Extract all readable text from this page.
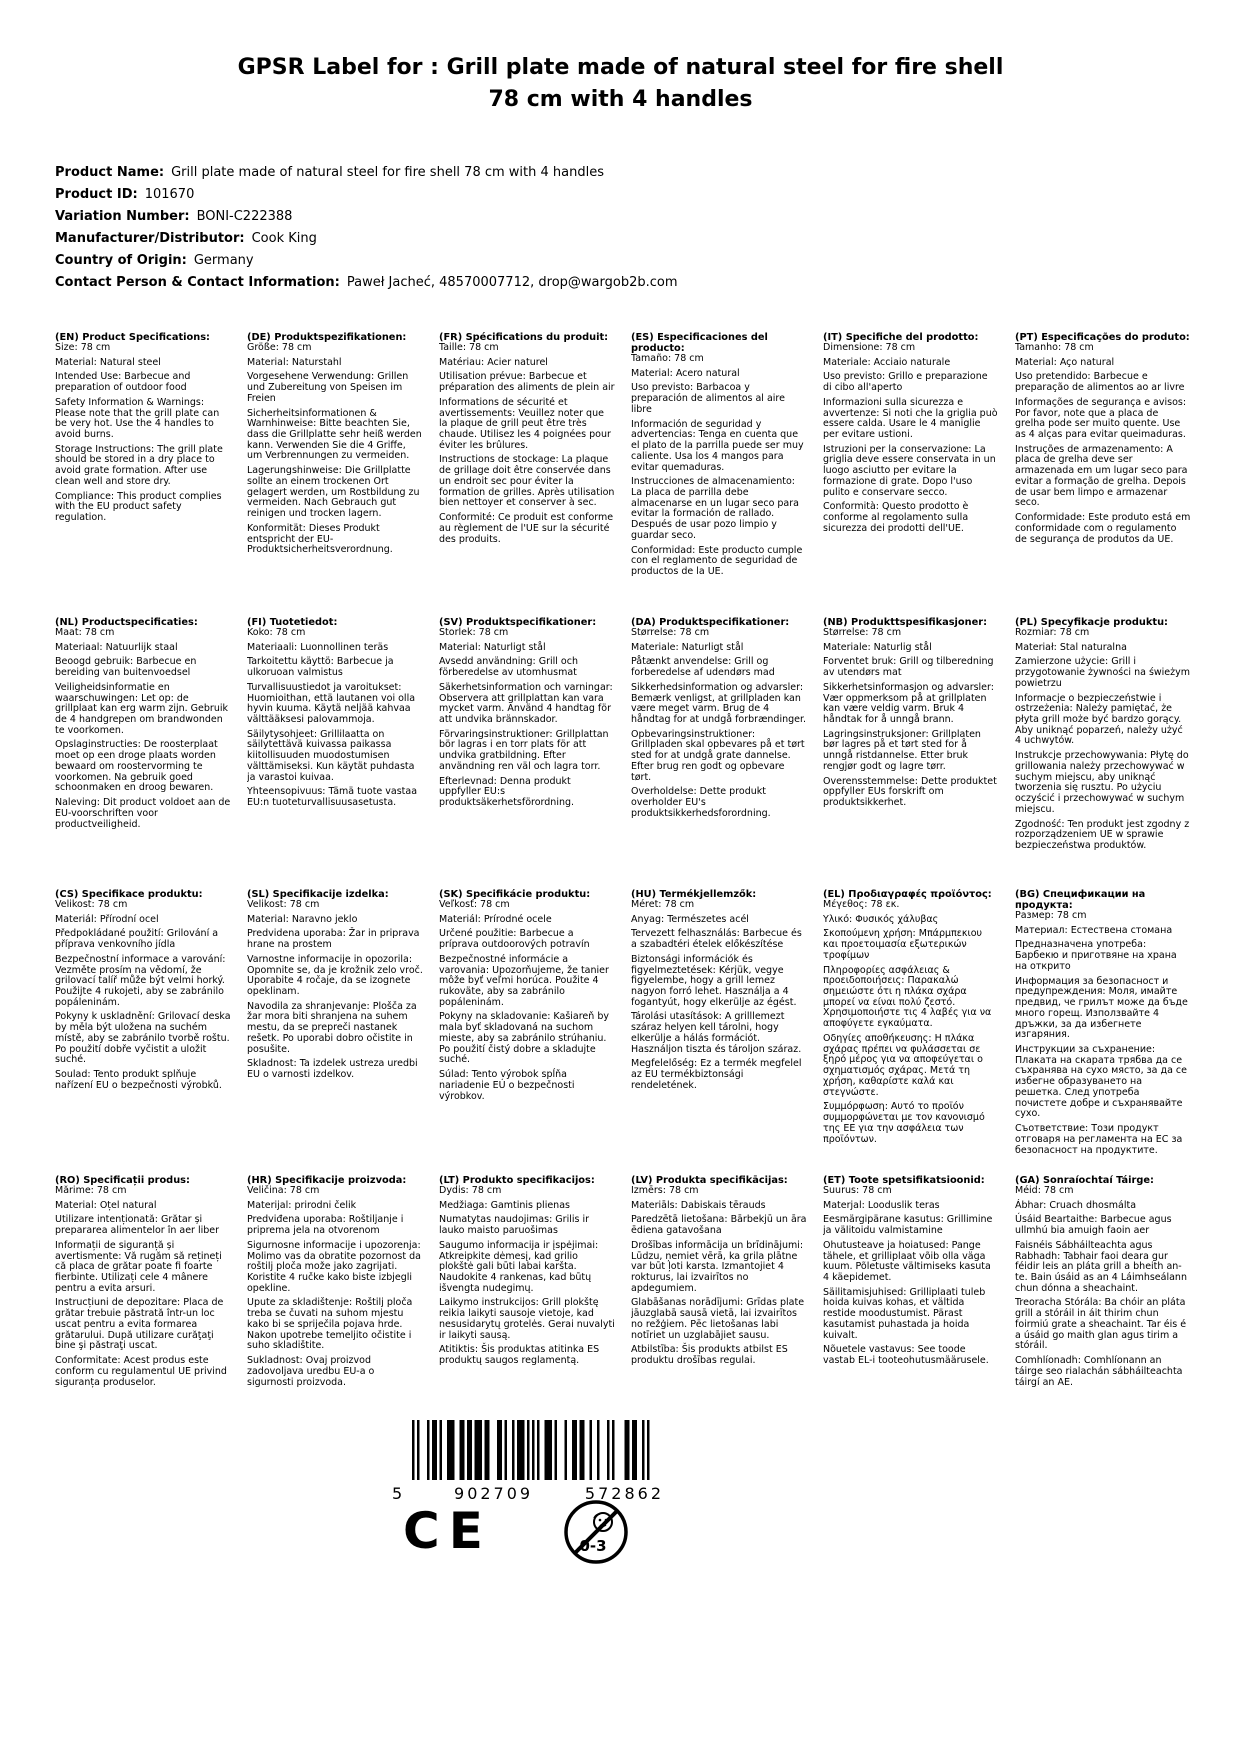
GPSR Label for : Grill plate made of natural steel for fire shell
78 cm with 4 handles
Product Name: Grill plate made of natural steel for fire shell 78 cm with 4 handles
Product ID: 101670
Variation Number: BONI-C222388
Manufacturer/Distributor: Cook King
Country of Origin: Germany
Contact Person & Contact Information: Paweł Jacheć, 48570007712, drop@wargob2b.com
(EN) Product Specifications:

Size: 78 cm

Material: Natural steel

Intended Use: Barbecue and preparation of outdoor food

Safety Information & Warnings: Please note that the grill plate can be very hot. Use the 4 handles to avoid burns.

Storage Instructions: The grill plate should be stored in a dry place to avoid grate formation. After use clean well and store dry.

Compliance: This product complies with the EU product safety regulation.

(DE) Produktspezifikationen:

Größe: 78 cm

Material: Naturstahl

Vorgesehene Verwendung: Grillen und Zubereitung von Speisen im Freien

Sicherheitsinformationen & Warnhinweise: Bitte beachten Sie, dass die Grillplatte sehr heiß werden kann. Verwenden Sie die 4 Griffe, um Verbrennungen zu vermeiden.

Lagerungshinweise: Die Grillplatte sollte an einem trockenen Ort gelagert werden, um Rostbildung zu vermeiden. Nach Gebrauch gut reinigen und trocken lagern.

Konformität: Dieses Produkt entspricht der EU-Produktsicherheitsverordnung.

(FR) Spécifications du produit:

Taille: 78 cm

Matériau: Acier naturel

Utilisation prévue: Barbecue et préparation des aliments de plein air

Informations de sécurité et avertissements: Veuillez noter que la plaque de grill peut être très chaude. Utilisez les 4 poignées pour éviter les brûlures.

Instructions de stockage: La plaque de grillage doit être conservée dans un endroit sec pour éviter la formation de grilles. Après utilisation bien nettoyer et conserver à sec.

Conformité: Ce produit est conforme au règlement de l'UE sur la sécurité des produits.

(ES) Especificaciones del producto:

Tamaño: 78 cm

Material: Acero natural

Uso previsto: Barbacoa y preparación de alimentos al aire libre

Información de seguridad y advertencias: Tenga en cuenta que el plato de la parrilla puede ser muy caliente. Usa los 4 mangos para evitar quemaduras.

Instrucciones de almacenamiento: La placa de parrilla debe almacenarse en un lugar seco para evitar la formación de rallado. Después de usar pozo limpio y guardar seco.

Conformidad: Este producto cumple con el reglamento de seguridad de productos de la UE.

(IT) Specifiche del prodotto:

Dimensione: 78 cm

Materiale: Acciaio naturale

Uso previsto: Grillo e preparazione di cibo all'aperto

Informazioni sulla sicurezza e avvertenze: Si noti che la griglia può essere calda. Usare le 4 maniglie per evitare ustioni.

Istruzioni per la conservazione: La griglia deve essere conservata in un luogo asciutto per evitare la formazione di grate. Dopo l'uso pulito e conservare secco.

Conformità: Questo prodotto è conforme al regolamento sulla sicurezza dei prodotti dell'UE.

(PT) Especificações do produto:

Tamanho: 78 cm

Material: Aço natural

Uso pretendido: Barbecue e preparação de alimentos ao ar livre

Informações de segurança e avisos: Por favor, note que a placa de grelha pode ser muito quente. Use as 4 alças para evitar queimaduras.

Instruções de armazenamento: A placa de grelha deve ser armazenada em um lugar seco para evitar a formação de grelha. Depois de usar bem limpo e armazenar seco.

Conformidade: Este produto está em conformidade com o regulamento de segurança de produtos da UE.

(NL) Productspecificaties:

Maat: 78 cm

Materiaal: Natuurlijk staal

Beoogd gebruik: Barbecue en bereiding van buitenvoedsel

Veiligheidsinformatie en waarschuwingen: Let op: de grillplaat kan erg warm zijn. Gebruik de 4 handgrepen om brandwonden te voorkomen.

Opslaginstructies: De roosterplaat moet op een droge plaats worden bewaard om roostervorming te voorkomen. Na gebruik goed schoonmaken en droog bewaren.

Naleving: Dit product voldoet aan de EU-voorschriften voor productveiligheid.

(FI) Tuotetiedot:

Koko: 78 cm

Materiaali: Luonnollinen teräs

Tarkoitettu käyttö: Barbecue ja ulkoruoan valmistus

Turvallisuustiedot ja varoitukset: Huomioithan, että lautanen voi olla hyvin kuuma. Käytä neljää kahvaa välttääksesi palovammoja.

Säilytysohjeet: Grillilaatta on säilytettävä kuivassa paikassa kiitollisuuden muodostumisen välttämiseksi. Kun käytät puhdasta ja varastoi kuivaa.

Yhteensopivuus: Tämä tuote vastaa EU:n tuoteturvallisuusasetusta.

(SV) Produktspecifikationer:

Storlek: 78 cm

Material: Naturligt stål

Avsedd användning: Grill och förberedelse av utomhusmat

Säkerhetsinformation och varningar: Observera att grillplattan kan vara mycket varm. Använd 4 handtag för att undvika brännskador.

Förvaringsinstruktioner: Grillplattan bör lagras i en torr plats för att undvika gratbildning. Efter användning ren väl och lagra torr.

Efterlevnad: Denna produkt uppfyller EU:s produktsäkerhetsförordning.

(DA) Produktspecifikationer:

Størrelse: 78 cm

Materiale: Naturligt stål

Påtænkt anvendelse: Grill og forberedelse af udendørs mad

Sikkerhedsinformation og advarsler: Bemærk venligst, at grillpladen kan være meget varm. Brug de 4 håndtag for at undgå forbrændinger.

Opbevaringsinstruktioner: Grillpladen skal opbevares på et tørt sted for at undgå grate dannelse. Efter brug ren godt og opbevare tørt.

Overholdelse: Dette produkt overholder EU's produktsikkerhedsforordning.

(NB) Produkttspesifikasjoner:

Størrelse: 78 cm

Materiale: Naturlig stål

Forventet bruk: Grill og tilberedning av utendørs mat

Sikkerhetsinformasjon og advarsler: Vær oppmerksom på at grillplaten kan være veldig varm. Bruk 4 håndtak for å unngå brann.

Lagringsinstruksjoner: Grillplaten bør lagres på et tørt sted for å unngå ristdannelse. Etter bruk rengjør godt og lagre tørr.

Overensstemmelse: Dette produktet oppfyller EUs forskrift om produktsikkerhet.

(PL) Specyfikacje produktu:

Rozmiar: 78 cm

Materiał: Stal naturalna

Zamierzone użycie: Grill i przygotowanie żywności na świeżym powietrzu

Informacje o bezpieczeństwie i ostrzeżenia: Należy pamiętać, że płyta grill może być bardzo gorący. Aby uniknąć poparzeń, należy użyć 4 uchwytów.

Instrukcje przechowywania: Płytę do grillowania należy przechowywać w suchym miejscu, aby uniknąć tworzenia się rusztu. Po użyciu oczyścić i przechowywać w suchym miejscu.

Zgodność: Ten produkt jest zgodny z rozporządzeniem UE w sprawie bezpieczeństwa produktów.

(CS) Specifikace produktu:

Velikost: 78 cm

Materiál: Přírodní ocel

Předpokládané použití: Grilování a příprava venkovního jídla

Bezpečnostní informace a varování: Vezměte prosím na vědomí, že grilovací talíř může být velmi horký. Použijte 4 rukojeti, aby se zabránilo popáleninám.

Pokyny k uskladnění: Grilovací deska by měla být uložena na suchém místě, aby se zabránilo tvorbě roštu. Po použití dobře vyčistit a uložit suché.

Soulad: Tento produkt splňuje nařízení EU o bezpečnosti výrobků.

(SL) Specifikacije izdelka:

Velikost: 78 cm

Material: Naravno jeklo

Predvidena uporaba: Žar in priprava hrane na prostem

Varnostne informacije in opozorila: Opomnite se, da je krožnik zelo vroč. Uporabite 4 ročaje, da se izognete opeklinam.

Navodila za shranjevanje: Plošča za žar mora biti shranjena na suhem mestu, da se prepreči nastanek rešetk. Po uporabi dobro očistite in posušite.

Skladnost: Ta izdelek ustreza uredbi EU o varnosti izdelkov.

(SK) Špecifikácie produktu:

Veľkosť: 78 cm

Materiál: Prírodné ocele

Určené použitie: Barbecue a príprava outdoorových potravín

Bezpečnostné informácie a varovania: Upozorňujeme, že tanier môže byť veľmi horúca. Použite 4 rukoväte, aby sa zabránilo popáleninám.

Pokyny na skladovanie: Kašiareň by mala byť skladovaná na suchom mieste, aby sa zabránilo strúhaniu. Po použití čistý dobre a skladujte suché.

Súlad: Tento výrobok spĺňa nariadenie EÚ o bezpečnosti výrobkov.

(HU) Termékjellemzők:

Méret: 78 cm

Anyag: Természetes acél

Tervezett felhasználás: Barbecue és a szabadtéri ételek előkészítése

Biztonsági információk és figyelmeztetések: Kérjük, vegye figyelembe, hogy a grill lemez nagyon forró lehet. Használja a 4 fogantyút, hogy elkerülje az égést.

Tárolási utasítások: A grilllemezt száraz helyen kell tárolni, hogy elkerülje a hálás formációt. Használjon tiszta és tároljon száraz.

Megfelelőség: Ez a termék megfelel az EU termékbiztonsági rendeletének.

(EL) Προδιαγραφές προϊόντος:

Μέγεθος: 78 εκ.

Υλικό: Φυσικός χάλυβας

Σκοπούμενη χρήση: Μπάρμπεκιου και προετοιμασία εξωτερικών τροφίμων

Πληροφορίες ασφάλειας & προειδοποιήσεις: Παρακαλώ σημειώστε ότι η πλάκα σχάρα μπορεί να είναι πολύ ζεστό. Χρησιμοποιήστε τις 4 λαβές για να αποφύγετε εγκαύματα.

Οδηγίες αποθήκευσης: Η πλάκα σχάρας πρέπει να φυλάσσεται σε ξηρό μέρος για να αποφεύγεται ο σχηματισμός σχάρας. Μετά τη χρήση, καθαρίστε καλά και στεγνώστε.

Συμμόρφωση: Αυτό το προϊόν συμμορφώνεται με τον κανονισμό της ΕΕ για την ασφάλεια των προϊόντων.

(BG) Спецификации на продукта:

Размер: 78 cm

Материал: Естествена стомана

Предназначена употреба: Барбекю и приготвяне на храна на открито

Информация за безопасност и предупреждения: Моля, имайте предвид, че грилът може да бъде много горещ. Използвайте 4 дръжки, за да избегнете изгаряния.

Инструкции за съхранение: Плаката на скарата трябва да се съхранява на сухо място, за да се избегне образуването на решетка. След употреба почистете добре и съхранявайте сухо.

Съответствие: Този продукт отговаря на регламента на ЕС за безопасност на продуктите.

(RO) Specificații produs:

Mărime: 78 cm

Material: Oțel natural

Utilizare intenționată: Grătar și prepararea alimentelor în aer liber

Informații de siguranță și avertismente: Vă rugăm să rețineți că placa de grătar poate fi foarte fierbinte. Utilizați cele 4 mânere pentru a evita arsuri.

Instrucțiuni de depozitare: Placa de grătar trebuie păstrată într-un loc uscat pentru a evita formarea grătarului. După utilizare curăţaţi bine şi păstraţi uscat.

Conformitate: Acest produs este conform cu regulamentul UE privind siguranța produselor.

(HR) Specifikacije proizvoda:

Veličina: 78 cm

Materijal: prirodni čelik

Predviđena uporaba: Roštiljanje i priprema jela na otvorenom

Sigurnosne informacije i upozorenja: Molimo vas da obratite pozornost da roštilj ploča može jako zagrijati. Koristite 4 ručke kako biste izbjegli opekline.

Upute za skladištenje: Roštilj ploča treba se čuvati na suhom mjestu kako bi se spriječila pojava hrde. Nakon upotrebe temeljito očistite i suho skladištite.

Sukladnost: Ovaj proizvod zadovoljava uredbu EU-a o sigurnosti proizvoda.

(LT) Produkto specifikacijos:

Dydis: 78 cm

Medžiaga: Gamtinis plienas

Numatytas naudojimas: Grilis ir lauko maisto paruošimas

Saugumo informacija ir įspėjimai: Atkreipkite dėmesį, kad grilio plokštė gali būti labai karšta. Naudokite 4 rankenas, kad būtų išvengta nudegimų.

Laikymo instrukcijos: Grill plokštę reikia laikyti sausoje vietoje, kad nesusidarytų grotelės. Gerai nuvalyti ir laikyti sausą.

Atitiktis: Šis produktas atitinka ES produktų saugos reglamentą.

(LV) Produkta specifikācijas:

Izmērs: 78 cm

Materiāls: Dabiskais tērauds

Paredzētā lietošana: Bārbekjū un āra ēdiena gatavošana

Drošības informācija un brīdinājumi: Lūdzu, ņemiet vērā, ka grila plātne var būt ļoti karsta. Izmantojiet 4 rokturus, lai izvairītos no apdegumiem.

Glabāšanas norādījumi: Grīdas plate jāuzglabā sausā vietā, lai izvairītos no režģiem. Pēc lietošanas labi notīriet un uzglabājiet sausu.

Atbilstība: Šis produkts atbilst ES produktu drošības regulai.

(ET) Toote spetsifikatsioonid:

Suurus: 78 cm

Materjal: Looduslik teras

Eesmärgipärane kasutus: Grillimine ja välitoidu valmistamine

Ohutusteave ja hoiatused: Pange tähele, et grilliplaat võib olla väga kuum. Põletuste vältimiseks kasuta 4 käepidemet.

Säilitamisjuhised: Grilliplaati tuleb hoida kuivas kohas, et vältida restide moodustumist. Pärast kasutamist puhastada ja hoida kuivalt.

Nõuetele vastavus: See toode vastab EL-i tooteohutusmäärusele.

(GA) Sonraíochtaí Táirge:

Méid: 78 cm

Ábhar: Cruach dhosmálta

Úsáid Beartaithe: Barbecue agus ullmhú bia amuigh faoin aer

Faisnéis Sábháilteachta agus Rabhadh: Tabhair faoi deara gur féidir leis an pláta grill a bheith an-te. Bain úsáid as an 4 Láimhseálann chun dónna a sheachaint.

Treoracha Stórála: Ba chóir an pláta grill a stóráil in áit thirim chun foirmiú grate a sheachaint. Tar éis é a úsáid go maith glan agus tirim a stóráil.

Comhlíonadh: Comhlíonann an táirge seo rialachán sábháilteachta táirgí an AE.

5	902709	572862
CE	0-3
